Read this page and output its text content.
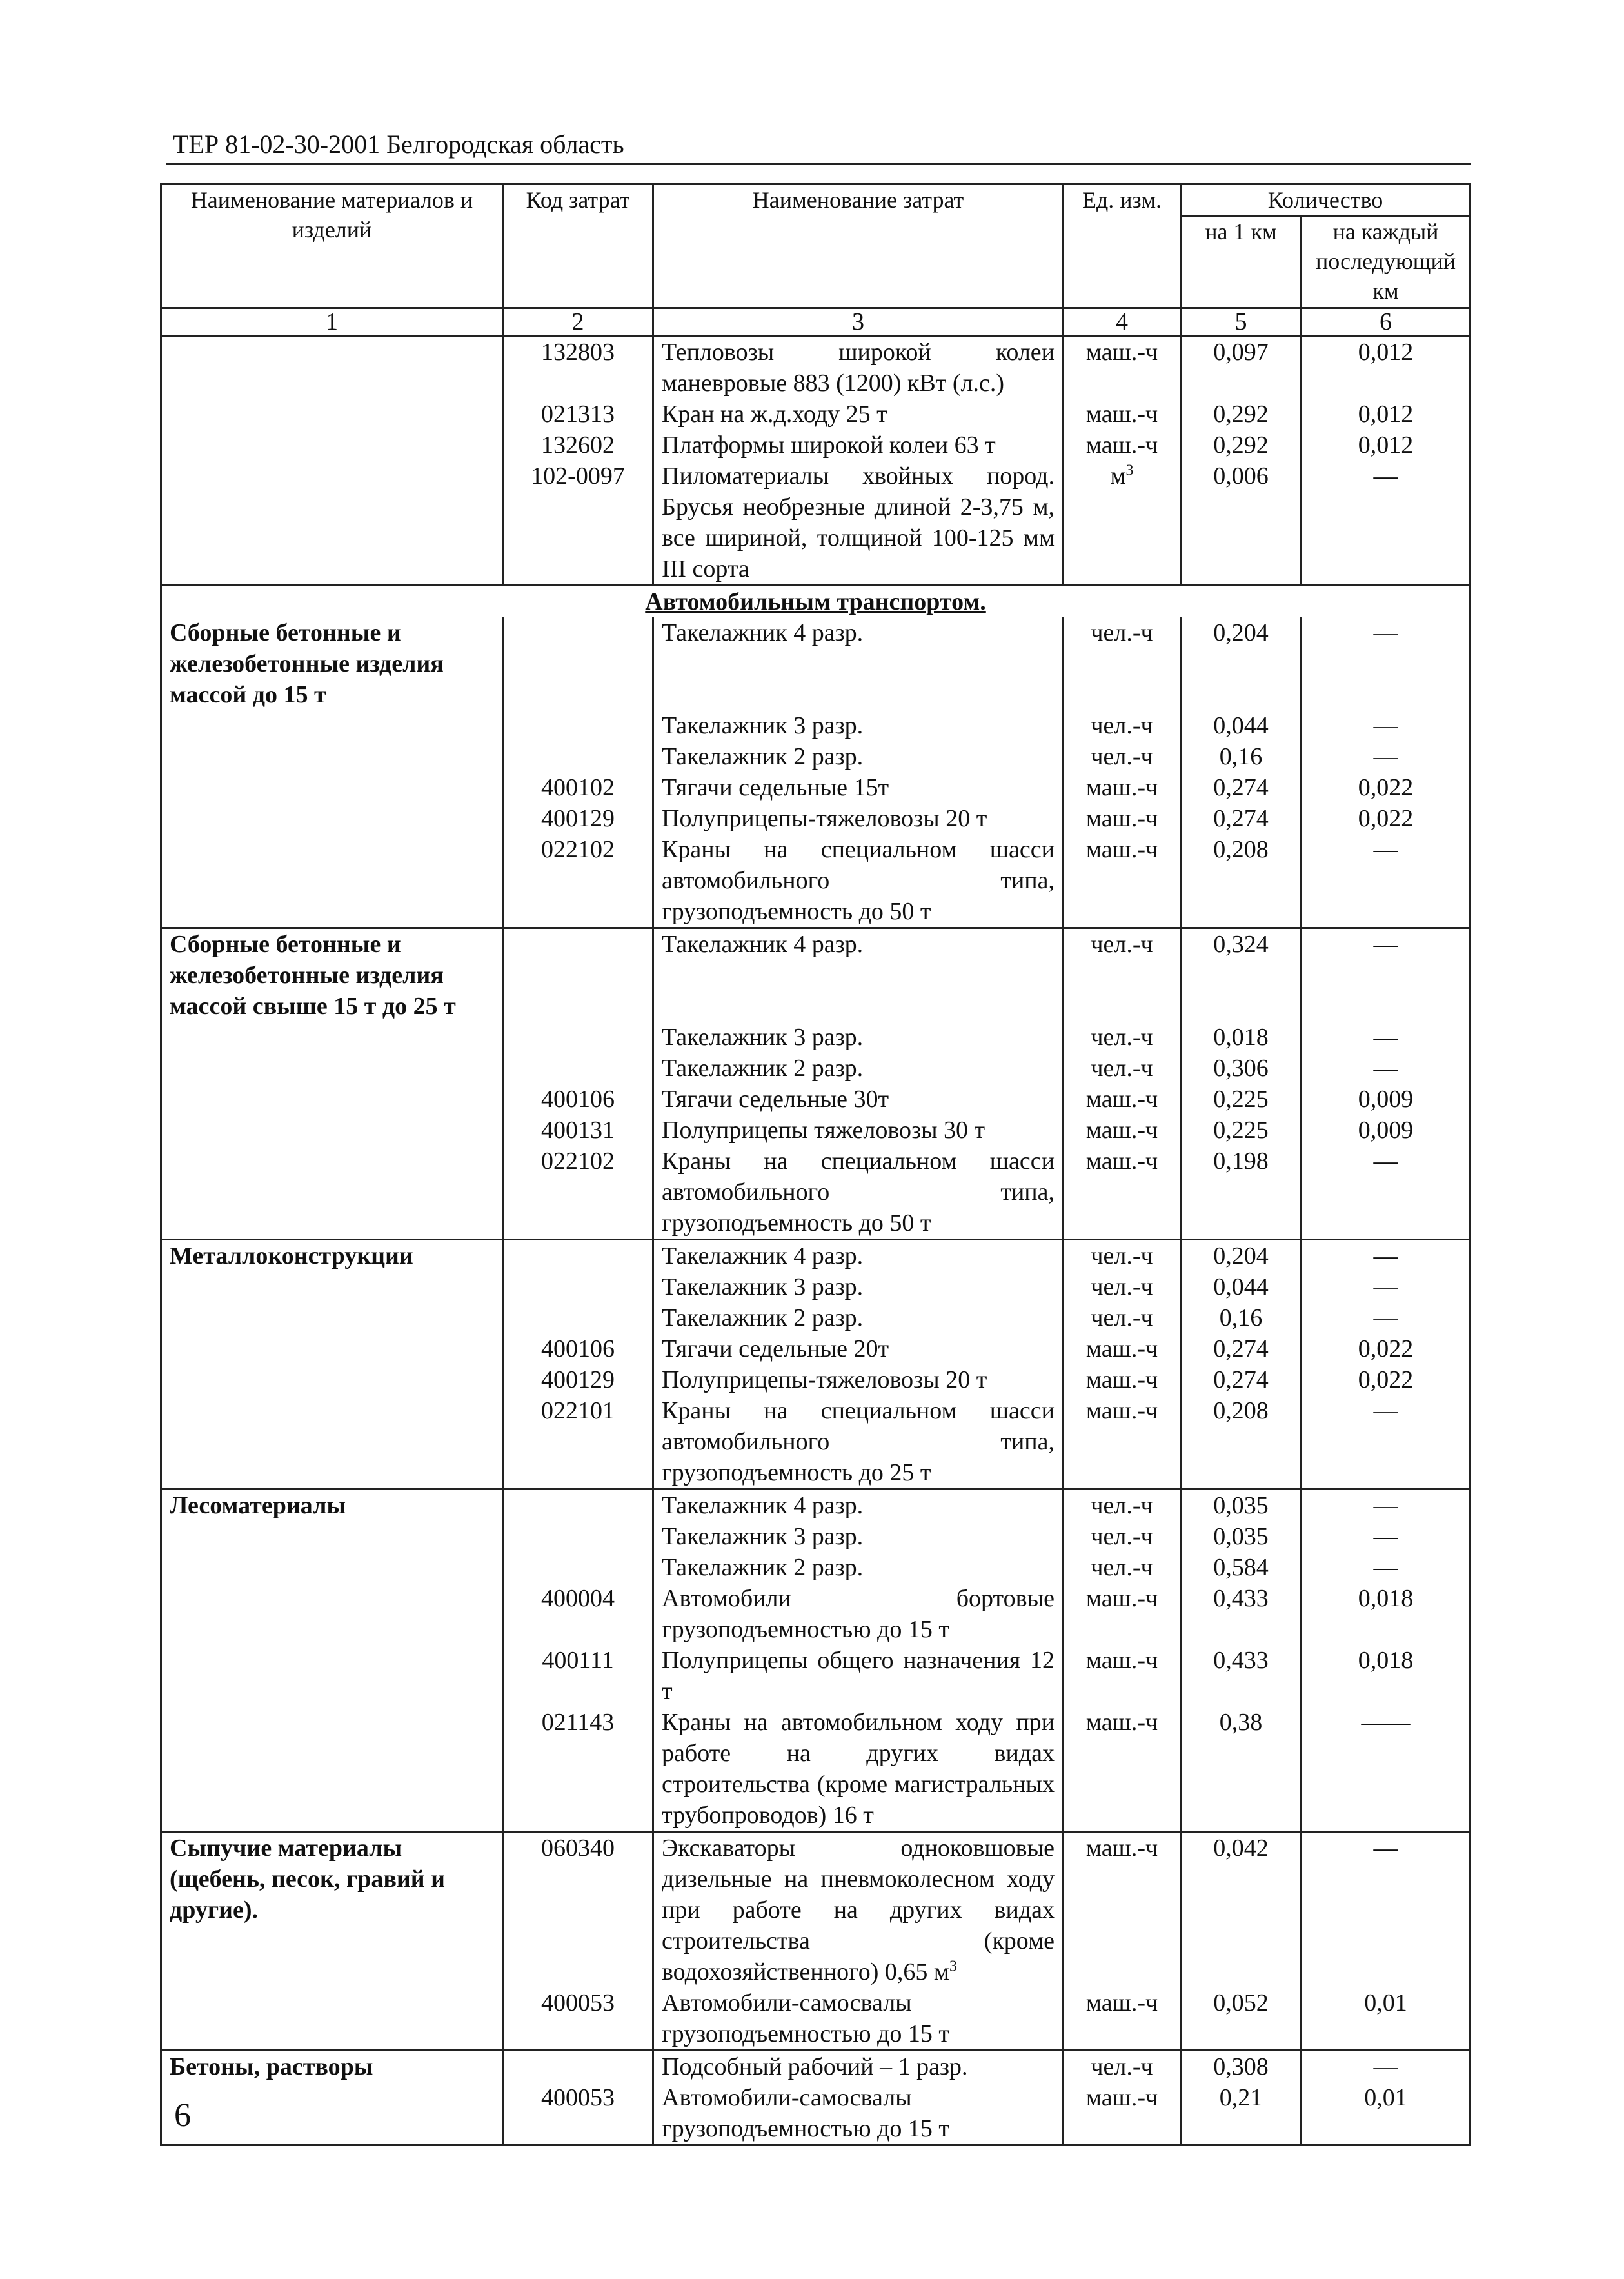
ТЕР 81-02-30-2001 Белгородская область
Наименование материалов и изделий	Код затрат	Наименование затрат	Ед. изм.	Количество	
				на 1 км	на каждый последующий км
1	2	3	4	5	6
	132803	Тепловозы широкой колеи маневровые 883 (1200) кВт (л.с.)	маш.-ч	0,097	0,012
	021313	Кран на ж.д.ходу 25 т	маш.-ч	0,292	0,012
	132602	Платформы широкой колеи 63 т	маш.-ч	0,292	0,012
	102-0097	Пиломатериалы хвойных пород. Брусья необрезные длиной 2-3,75 м, все шириной, толщиной 100-125 мм III сорта	$м^3$	0,006	—
Автомобильным транспортом.					
Сборные бетонные и железобетонные изделия массой до 15 т		Такелажник 4 разр.	чел.-ч	0,204	—
		Такелажник 3 разр.	чел.-ч	0,044	—
		Такелажник 2 разр.	чел.-ч	0,16	—
	400102	Тягачи седельные 15т	маш.-ч	0,274	0,022
	400129	Полуприцепы-тяжеловозы 20 т	маш.-ч	0,274	0,022
	022102	Краны на специальном шасси автомобильного типа, грузоподъемность до 50 т	маш.-ч	0,208	—
Сборные бетонные и железобетонные изделия массой свыше 15 т до 25 т		Такелажник 4 разр.	чел.-ч	0,324	—
		Такелажник 3 разр.	чел.-ч	0,018	—
		Такелажник 2 разр.	чел.-ч	0,306	—
	400106	Тягачи седельные 30т	маш.-ч	0,225	0,009
	400131	Полуприцепы тяжеловозы 30 т	маш.-ч	0,225	0,009
	022102	Краны на специальном шасси автомобильного типа, грузоподъемность до 50 т	маш.-ч	0,198	—
Металлоконструкции		Такелажник 4 разр.	чел.-ч	0,204	—
		Такелажник 3 разр.	чел.-ч	0,044	—
		Такелажник 2 разр.	чел.-ч	0,16	—
	400106	Тягачи седельные 20т	маш.-ч	0,274	0,022
	400129	Полуприцепы-тяжеловозы 20 т	маш.-ч	0,274	0,022
	022101	Краны на специальном шасси автомобильного типа, грузоподъемность до 25 т	маш.-ч	0,208	—
Лесоматериалы		Такелажник 4 разр.	чел.-ч	0,035	—
		Такелажник 3 разр.	чел.-ч	0,035	—
		Такелажник 2 разр.	чел.-ч	0,584	—
	400004	Автомобили бортовые грузоподъемностью до 15 т	маш.-ч	0,433	0,018
	400111	Полуприцепы общего назначения 12 т	маш.-ч	0,433	0,018
	021143	Краны на автомобильном ходу при работе на других видах строительства (кроме магистральных трубопроводов) 16 т	маш.-ч	0,38	——
Сыпучие материалы (щебень, песок, гравий и другие).	060340	Экскаваторы одноковшовые дизельные на пневмоколесном ходу при работе на других видах строительства (кроме водохозяйственного) 0,65 $м^3$	маш.-ч	0,042	—
	400053	Автомобили-самосвалы грузоподъемностью до 15 т	маш.-ч	0,052	0,01
Бетоны, растворы		Подсобный рабочий – 1 разр.	чел.-ч	0,308	—
	400053	Автомобили-самосвалы грузоподъемностью до 15 т	маш.-ч	0,21	0,01
6
